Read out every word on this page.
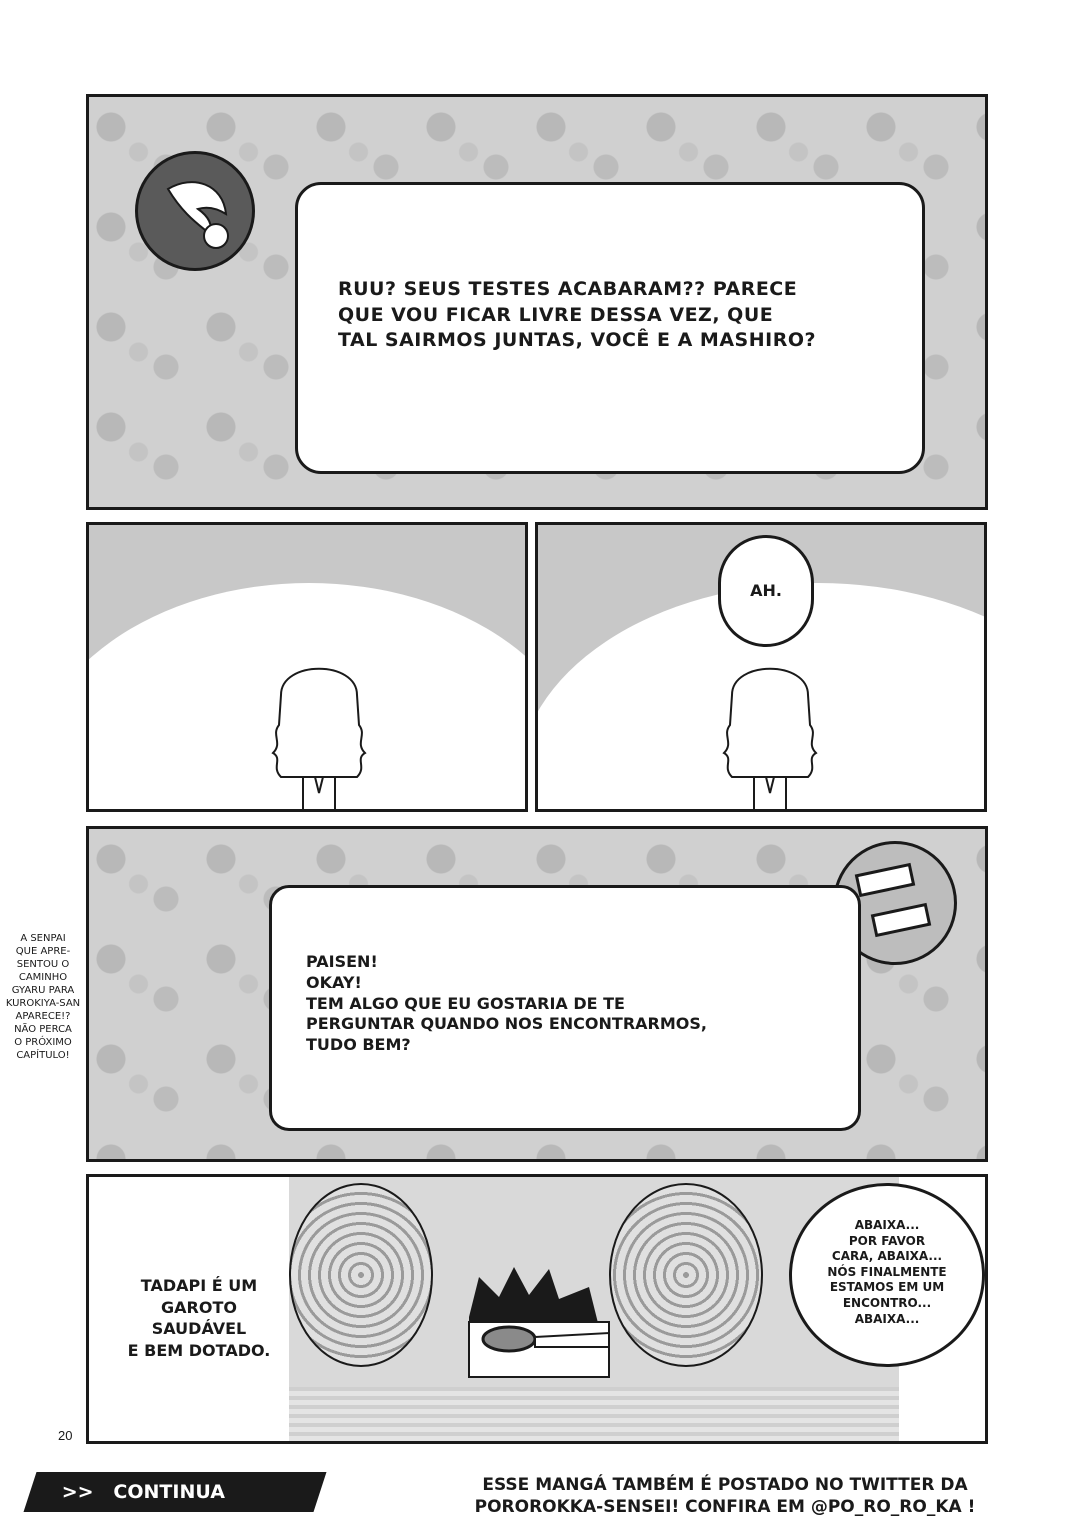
RUU? SEUS TESTES ACABARAM?? PARECE
QUE VOU FICAR LIVRE DESSA VEZ, QUE
TAL SAIRMOS JUNTAS, VOCÊ E A MASHIRO?
AH.
A SENPAI
QUE APRE-
SENTOU O
CAMINHO
GYARU PARA
KUROKIYA-SAN
APARECE!?
NÃO PERCA
O PRÓXIMO
CAPÍTULO!
PAISEN!
OKAY!
TEM ALGO QUE EU GOSTARIA DE TE
PERGUNTAR QUANDO NOS ENCONTRARMOS,
TUDO BEM?
TADAPI É UM
GAROTO SAUDÁVEL
E BEM DOTADO.
ABAIXA...
POR FAVOR
CARA, ABAIXA...
NÓS FINALMENTE
ESTAMOS EM UM
ENCONTRO...
ABAIXA...
20
>>   CONTINUA	ESSE MANGÁ TAMBÉM É POSTADO NO TWITTER DA
POROROKKA-SENSEI! CONFIRA EM @PO_RO_RO_KA !
